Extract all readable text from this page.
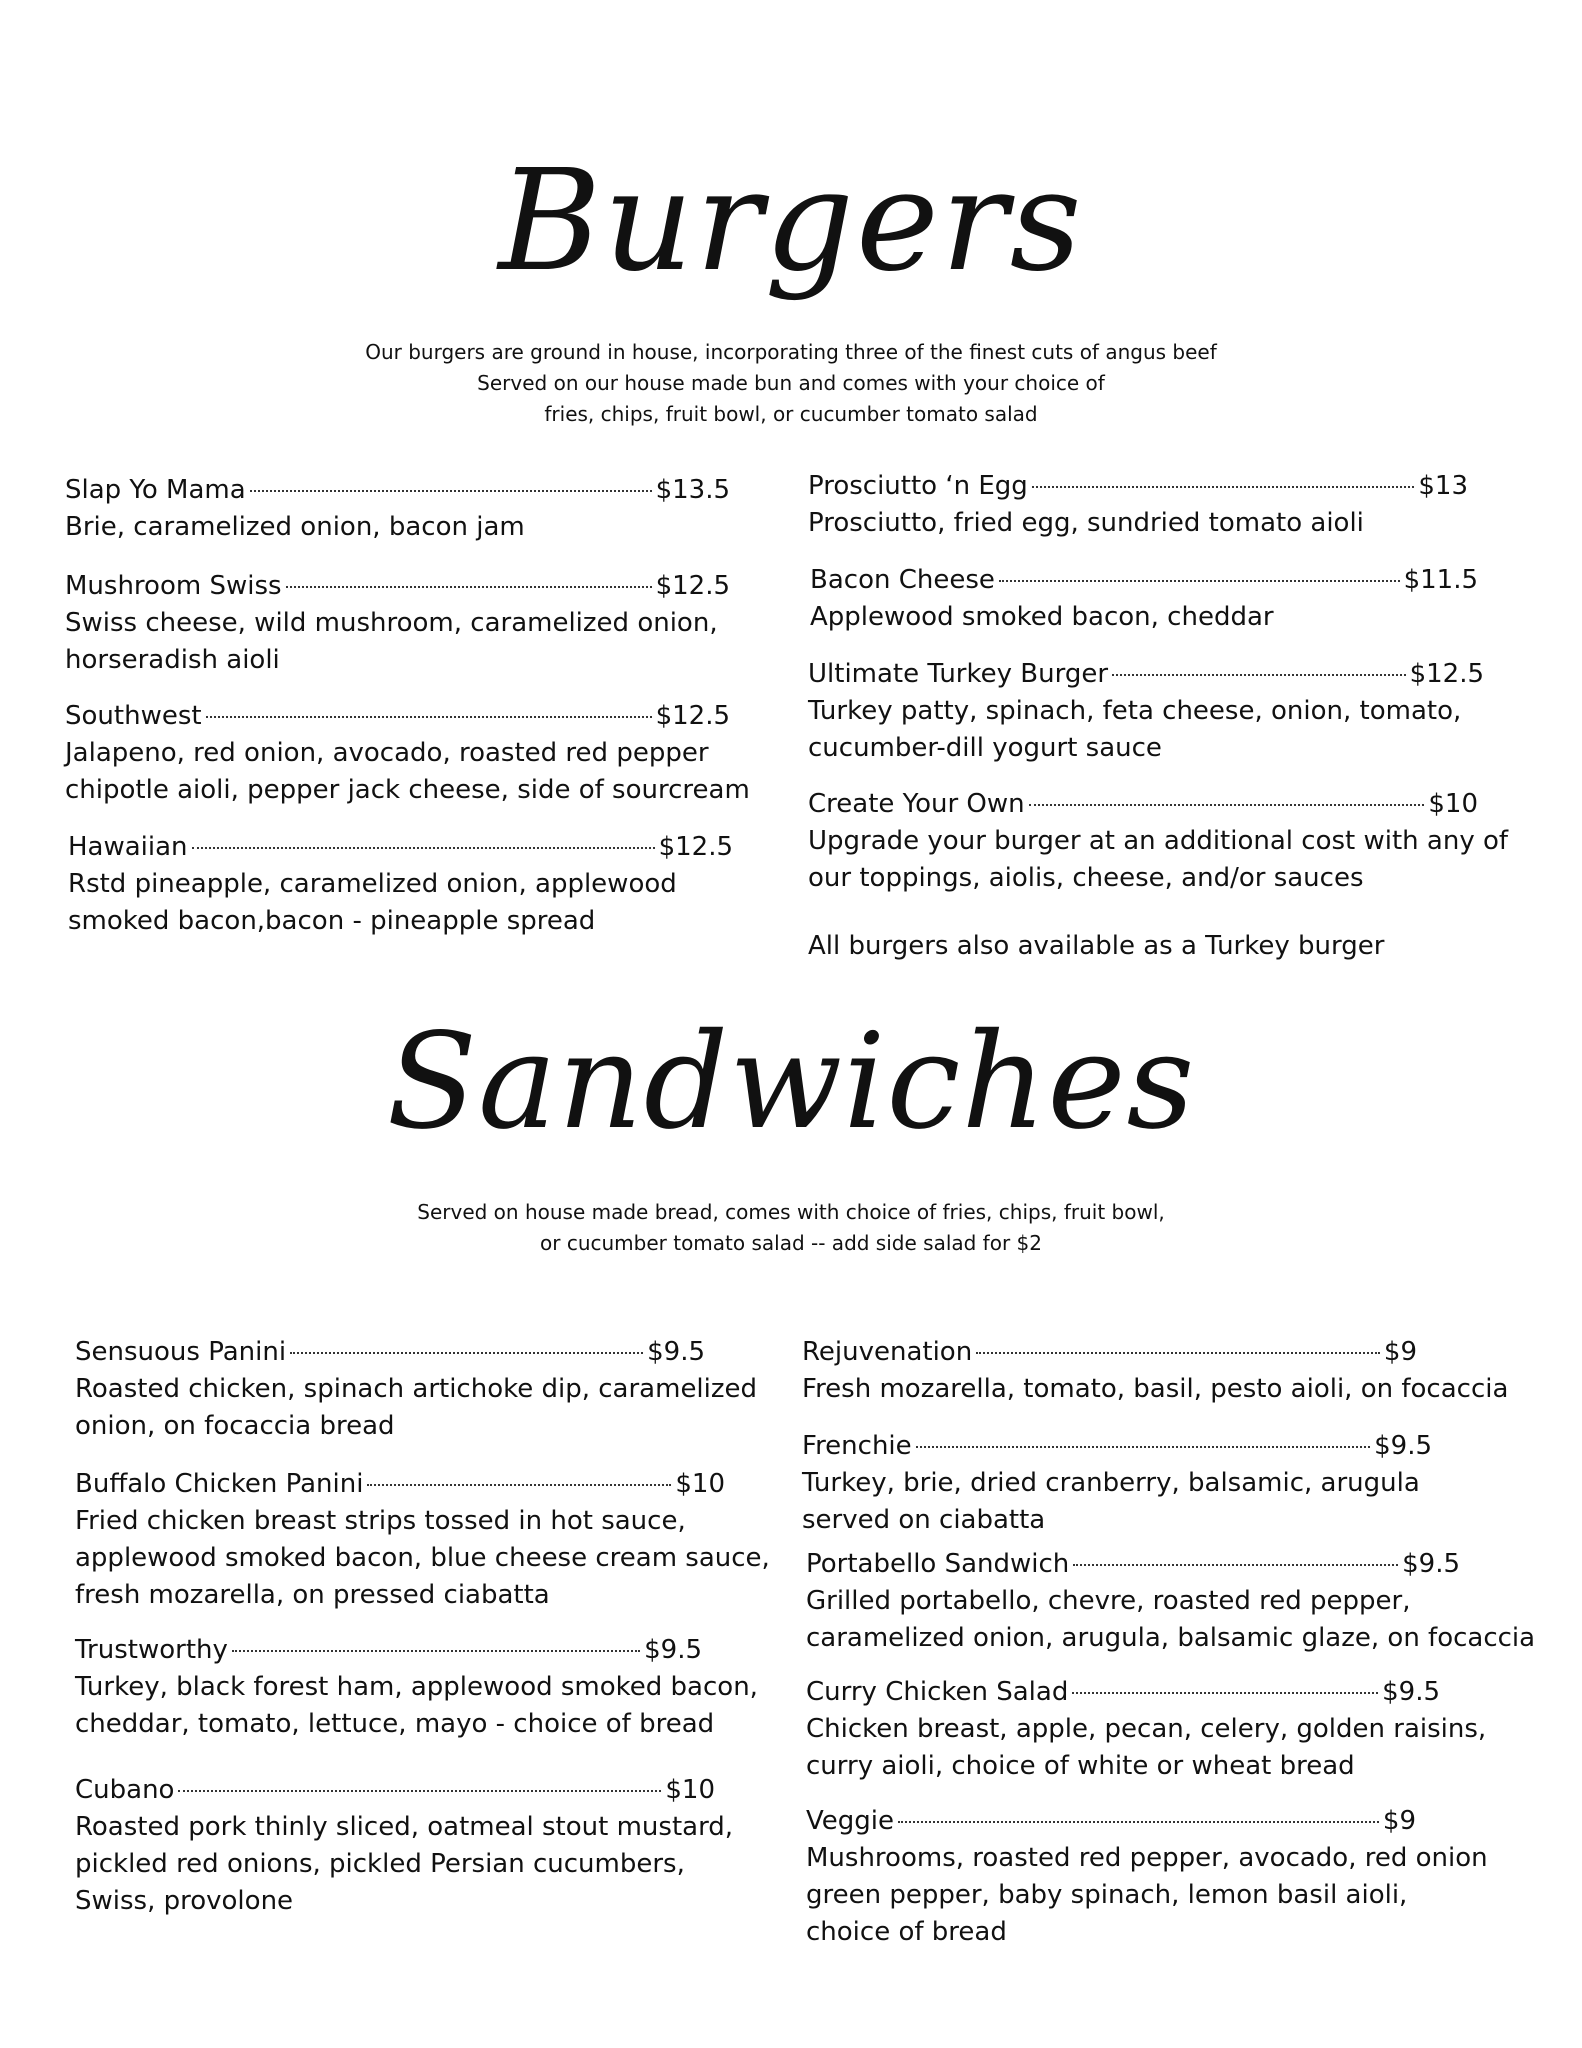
Burgers
Our burgers are ground in house, incorporating three of the finest cuts of angus beef
Served on our house made bun and comes with your choice of
fries, chips, fruit bowl, or cucumber tomato salad
Slap Yo Mama	$13.5
Brie, caramelized onion, bacon jam
Mushroom Swiss	$12.5
Swiss cheese, wild mushroom, caramelized onion,
horseradish aioli
Southwest	$12.5
Jalapeno, red onion, avocado, roasted red pepper
chipotle aioli, pepper jack cheese, side of sourcream
Hawaiian	$12.5
Rstd pineapple, caramelized onion, applewood
smoked bacon,bacon - pineapple spread
Prosciutto ‘n Egg	$13
Prosciutto, fried egg, sundried tomato aioli
Bacon Cheese	$11.5
Applewood smoked bacon, cheddar
Ultimate Turkey Burger	$12.5
Turkey patty, spinach, feta cheese, onion, tomato,
cucumber-dill yogurt sauce
Create Your Own	$10
Upgrade your burger at an additional cost with any of
our toppings, aiolis, cheese, and/or sauces
All burgers also available as a Turkey burger
Sandwiches
Served on house made bread, comes with choice of fries, chips, fruit bowl,
or cucumber tomato salad -- add side salad for $2
Sensuous Panini	$9.5
Roasted chicken, spinach artichoke dip, caramelized
onion, on focaccia bread
Buffalo Chicken Panini	$10
Fried chicken breast strips tossed in hot sauce,
applewood smoked bacon, blue cheese cream sauce,
fresh mozarella, on pressed ciabatta
Trustworthy	$9.5
Turkey, black forest ham, applewood smoked bacon,
cheddar, tomato, lettuce, mayo - choice of bread
Cubano	$10
Roasted pork thinly sliced, oatmeal stout mustard,
pickled red onions, pickled Persian cucumbers,
Swiss, provolone
Rejuvenation	$9
Fresh mozarella, tomato, basil, pesto aioli, on focaccia
Frenchie	$9.5
Turkey, brie, dried cranberry, balsamic, arugula
served on ciabatta
Portabello Sandwich	$9.5
Grilled portabello, chevre, roasted red pepper,
caramelized onion, arugula, balsamic glaze, on focaccia
Curry Chicken Salad	$9.5
Chicken breast, apple, pecan, celery, golden raisins,
curry aioli, choice of white or wheat bread
Veggie	$9
Mushrooms, roasted red pepper, avocado, red onion
green pepper, baby spinach, lemon basil aioli,
choice of bread
